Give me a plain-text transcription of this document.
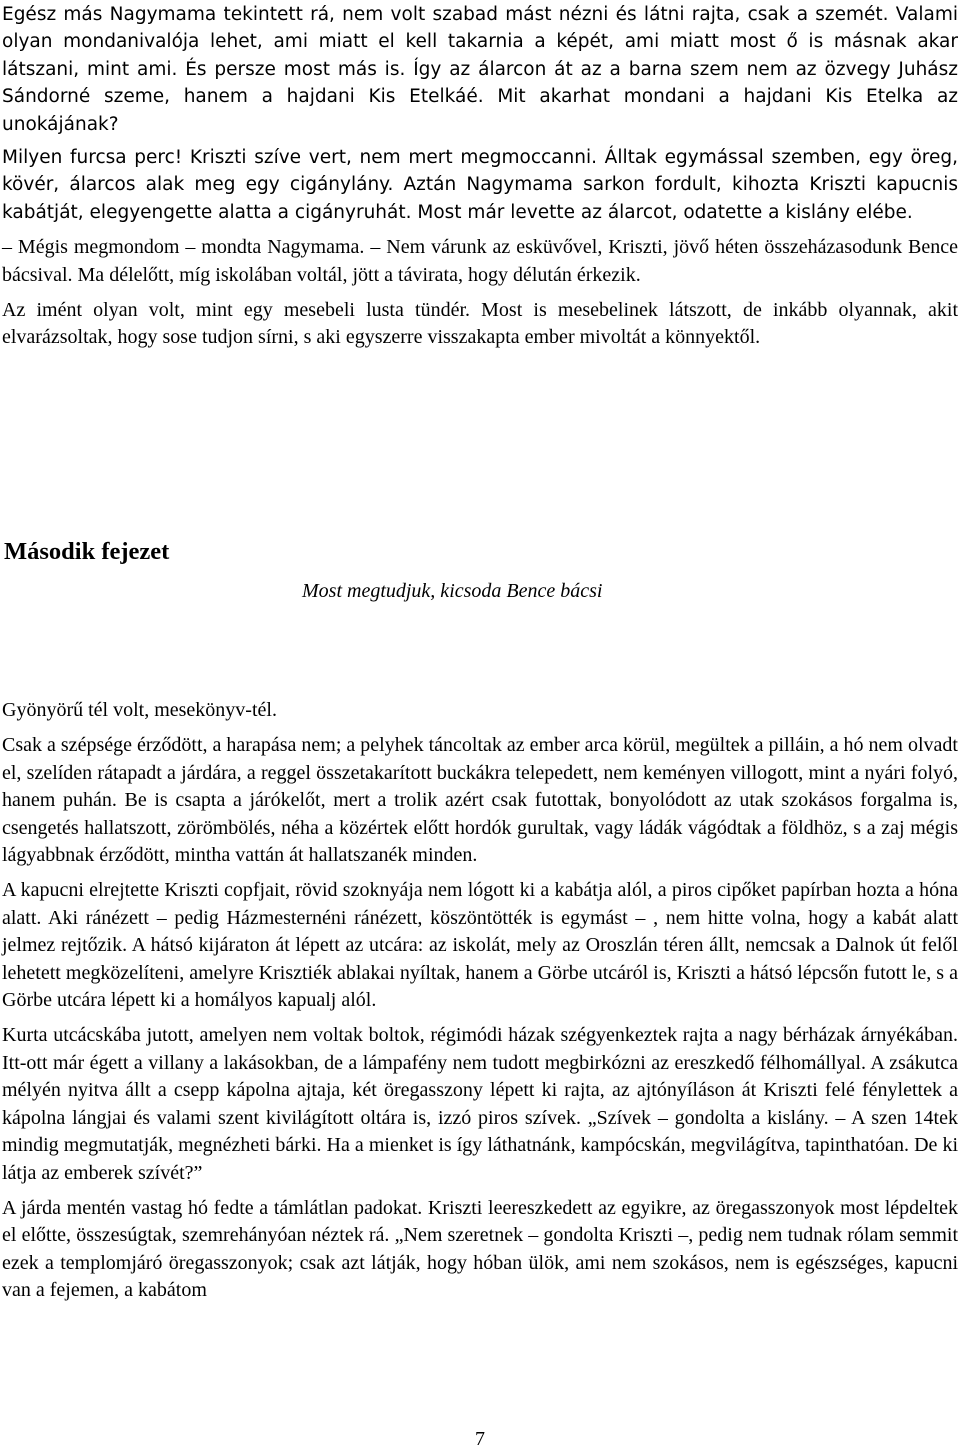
Egész más Nagymama tekintett rá, nem volt szabad mást nézni és látni rajta, csak a szemét. Valami olyan mondanivalója lehet, ami miatt el kell takarnia a képét, ami miatt most ő is másnak akar látszani, mint ami. És persze most más is. Így az álarcon át az a barna szem nem az özvegy Juhász Sándorné szeme, hanem a hajdani Kis Etelkáé. Mit akarhat mondani a hajdani Kis Etelka az unokájának?

Milyen furcsa perc! Kriszti szíve vert, nem mert megmoccanni. Álltak egymással szemben, egy öreg, kövér, álarcos alak meg egy cigánylány. Aztán Nagymama sarkon fordult, kihozta Kriszti kapucnis kabátját, elegyengette alatta a cigányruhát. Most már levette az álarcot, odatette a kislány elébe.

– Mégis megmondom – mondta Nagymama. – Nem várunk az esküvővel, Kriszti, jövő héten összeházasodunk Bence bácsival. Ma délelőtt, míg iskolában voltál, jött a távirata, hogy délután érkezik.

Az imént olyan volt, mint egy mesebeli lusta tündér. Most is mesebelinek látszott, de inkább olyannak, akit elvarázsoltak, hogy sose tudjon sírni, s aki egyszerre visszakapta ember mivoltát a könnyektől.

Második fejezet

Most megtudjuk, kicsoda Bence bácsi

Gyönyörű tél volt, mesekönyv-tél.

Csak a szépsége érződött, a harapása nem; a pelyhek táncoltak az ember arca körül, megültek a pilláin, a hó nem olvadt el, szelíden rátapadt a járdára, a reggel összetakarított buckákra telepedett, nem keményen villogott, mint a nyári folyó, hanem puhán. Be is csapta a járókelőt, mert a trolik azért csak futottak, bonyolódott az utak szokásos forgalma is, csengetés hallatszott, zörömbölés, néha a közértek előtt hordók gurultak, vagy ládák vágódtak a földhöz, s a zaj mégis lágyabbnak érződött, mintha vattán át hallatszanék minden.

A kapucni elrejtette Kriszti copfjait, rövid szoknyája nem lógott ki a kabátja alól, a piros cipőket papírban hozta a hóna alatt. Aki ránézett – pedig Házmesternéni ránézett, köszöntötték is egymást – , nem hitte volna, hogy a kabát alatt jelmez rejtőzik. A hátsó kijáraton át lépett az utcára: az iskolát, mely az Oroszlán téren állt, nemcsak a Dalnok út felől lehetett megközelíteni, amelyre Krisztiék ablakai nyíltak, hanem a Görbe utcáról is, Kriszti a hátsó lépcsőn futott le, s a Görbe utcára lépett ki a homályos kapualj alól.

Kurta utcácskába jutott, amelyen nem voltak boltok, régimódi házak szégyenkeztek rajta a nagy bérházak árnyékában. Itt-ott már égett a villany a lakásokban, de a lámpafény nem tudott megbirkózni az ereszkedő félhomállyal. A zsákutca mélyén nyitva állt a csepp kápolna ajtaja, két öregasszony lépett ki rajta, az ajtónyíláson át Kriszti felé fénylettek a kápolna lángjai és valami szent kivilágított oltára is, izzó piros szívek. „Szívek – gondolta a kislány. – A szen 14tek mindig megmutatják, megnézheti bárki. Ha a mienket is így láthatnánk, kampócskán, megvilágítva, tapinthatóan. De ki látja az emberek szívét?”

A járda mentén vastag hó fedte a támlátlan padokat. Kriszti leereszkedett az egyikre, az öregasszonyok most lépdeltek el előtte, összesúgtak, szemrehányóan néztek rá. „Nem szeretnek – gondolta Kriszti –, pedig nem tudnak rólam semmit ezek a templomjáró öregasszonyok; csak azt látják, hogy hóban ülök, ami nem szokásos, nem is egészséges, kapucni van a fejemen, a kabátom

7
